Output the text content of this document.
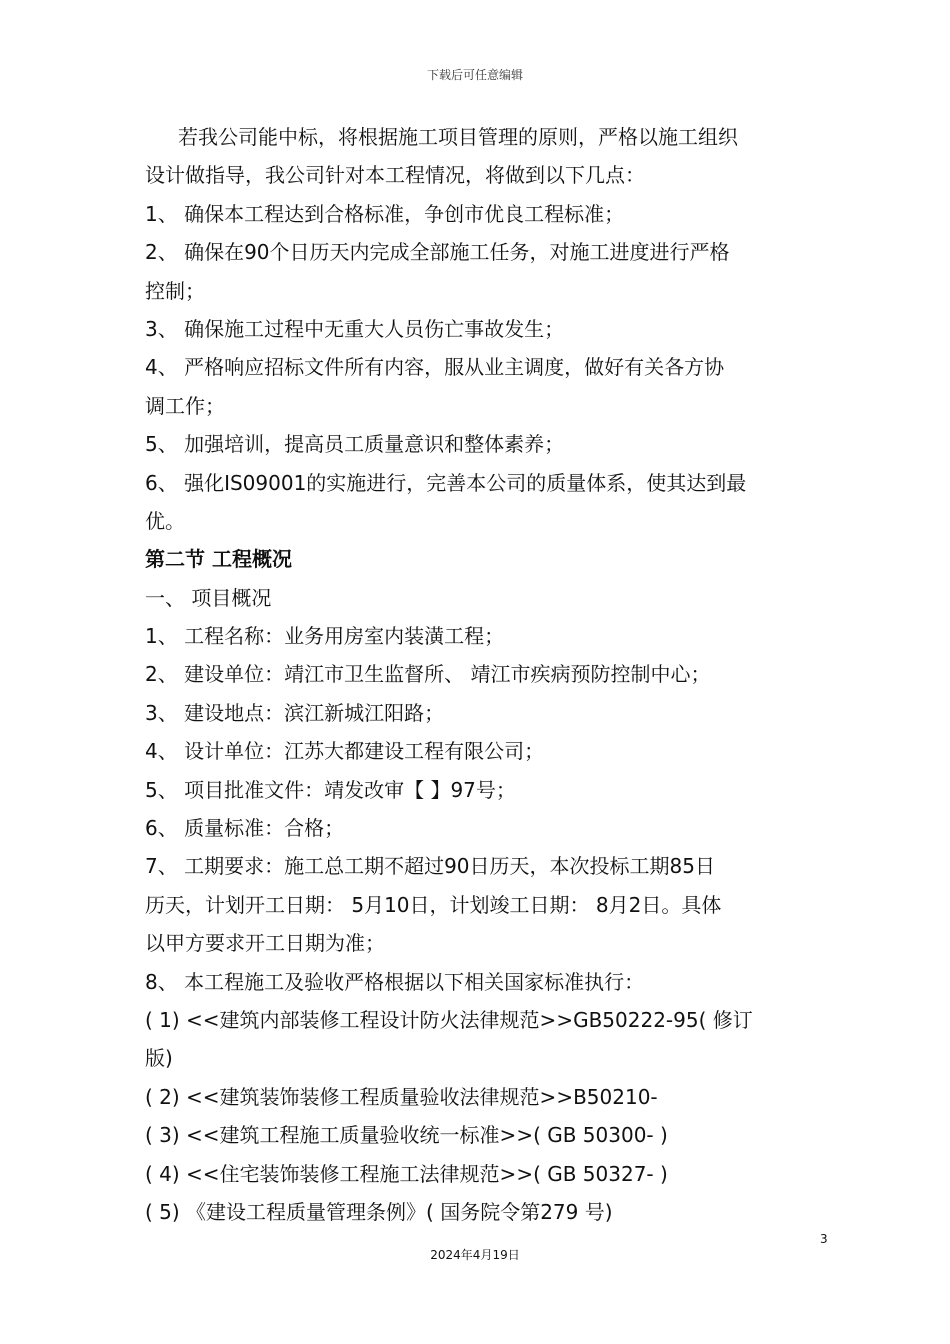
下载后可任意编辑
若我公司能中标，将根据施工项目管理的原则，严格以施工组织
设计做指导，我公司针对本工程情况，将做到以下几点：
1、 确保本工程达到合格标准，争创市优良工程标准；
2、 确保在90个日历天内完成全部施工任务，对施工进度进行严格
控制；
3、 确保施工过程中无重大人员伤亡事故发生；
4、 严格响应招标文件所有内容，服从业主调度，做好有关各方协
调工作；
5、 加强培训，提高员工质量意识和整体素养；
6、 强化IS09001的实施进行，完善本公司的质量体系，使其达到最
优。
第二节 工程概况
一、 项目概况
1、 工程名称：业务用房室内装潢工程；
2、 建设单位：靖江市卫生监督所、 靖江市疾病预防控制中心；
3、 建设地点：滨江新城江阳路；
4、 设计单位：江苏大都建设工程有限公司；
5、 项目批准文件：靖发改审【 】97号；
6、 质量标准：合格；
7、 工期要求：施工总工期不超过90日历天，本次投标工期85日
历天，计划开工日期： 5月10日，计划竣工日期： 8月2日。具体
以甲方要求开工日期为准；
8、 本工程施工及验收严格根据以下相关国家标准执行：
( 1) <<建筑内部装修工程设计防火法律规范>>GB50222-95( 修订
版)
( 2) <<建筑装饰装修工程质量验收法律规范>>B50210-
( 3) <<建筑工程施工质量验收统一标准>>( GB 50300- )
( 4) <<住宅装饰装修工程施工法律规范>>( GB 50327- )
( 5) 《建设工程质量管理条例》( 国务院令第279 号)
3
2024年4月19日
